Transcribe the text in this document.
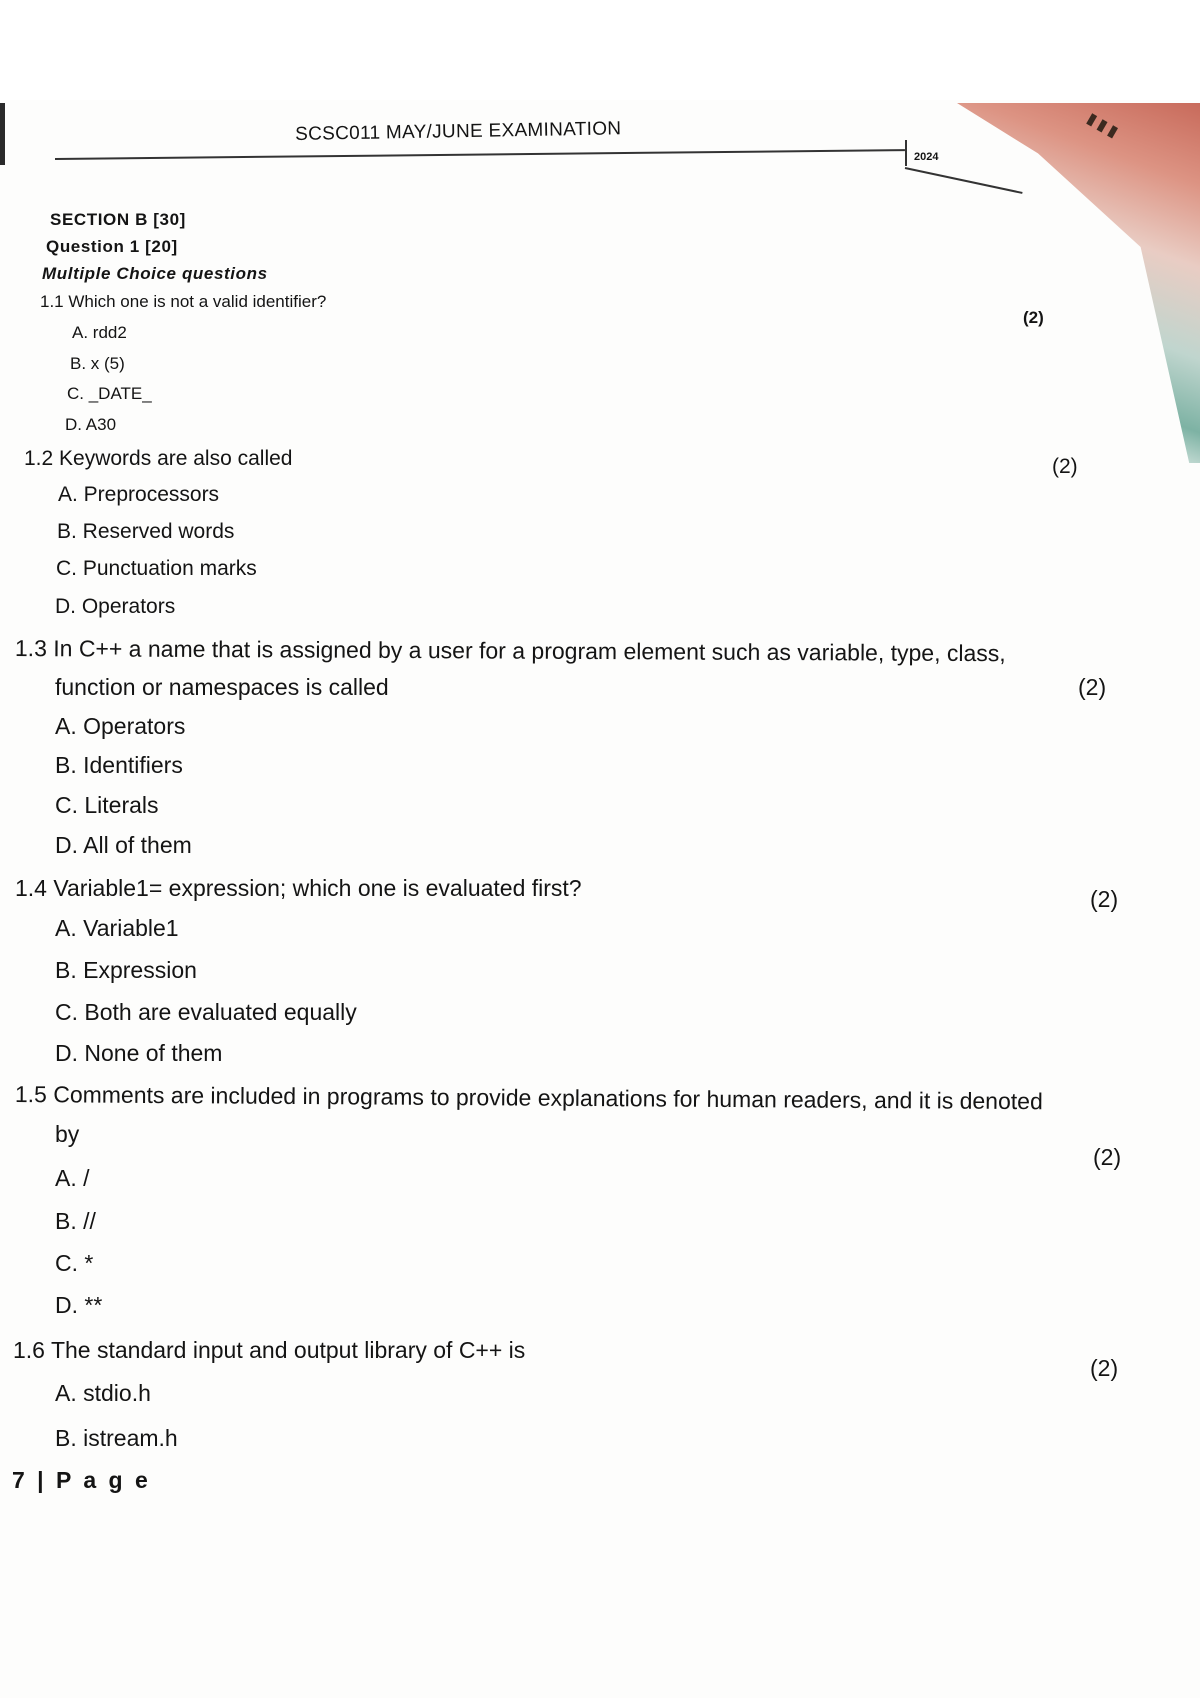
▮▮▮
SCSC011 MAY/JUNE EXAMINATION
2024
SECTION B [30]
Question 1 [20]
Multiple Choice questions
1.1 Which one is not a valid identifier?
(2)
A. rdd2
B. x (5)
C. _DATE_
D. A30
1.2 Keywords are also called	(2)
A. Preprocessors
B. Reserved words
C. Punctuation marks
D. Operators
1.3 In C++ a name that is assigned by a user for a program element such as variable, type, class,
function or namespaces is called	(2)
A. Operators
B. Identifiers
C. Literals
D. All of them
1.4 Variable1= expression; which one is evaluated first?	(2)
A. Variable1
B. Expression
C. Both are evaluated equally
D. None of them
1.5 Comments are included in programs to provide explanations for human readers, and it is denoted
by
(2)
A. /
B. //
C. *
D. **
1.6 The standard input and output library of C++ is
(2)
A. stdio.h
B. istream.h
7 | P a g e
